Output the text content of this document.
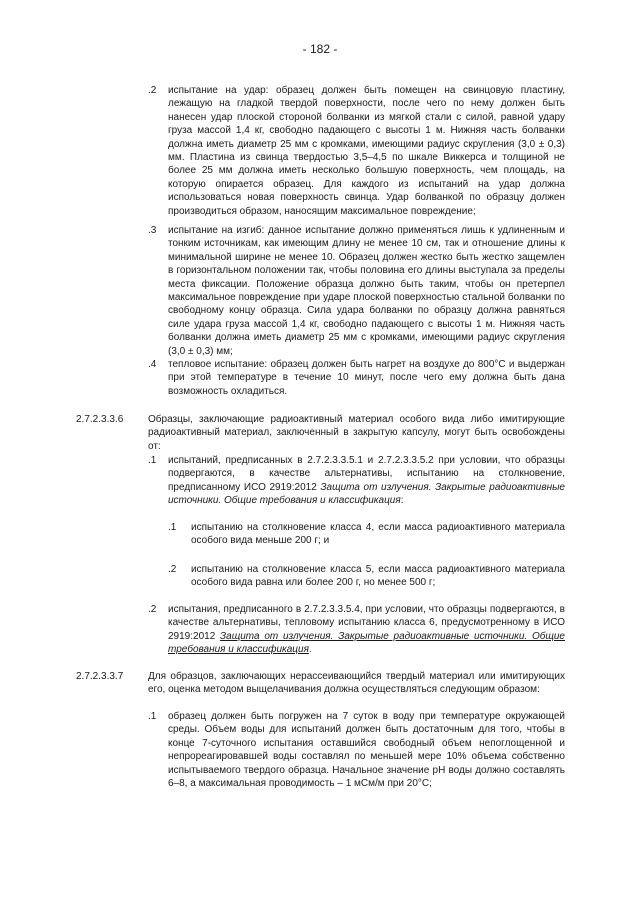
- 182 -
.2 испытание на удар: образец должен быть помещен на свинцовую пластину, лежащую на гладкой твердой поверхности, после чего по нему должен быть нанесен удар плоской стороной болванки из мягкой стали с силой, равной удару груза массой 1,4 кг, свободно падающего с высоты 1 м. Нижняя часть болванки должна иметь диаметр 25 мм с кромками, имеющими радиус скругления (3,0 ± 0,3) мм. Пластина из свинца твердостью 3,5–4,5 по шкале Виккерса и толщиной не более 25 мм должна иметь несколько большую поверхность, чем площадь, на которую опирается образец. Для каждого из испытаний на удар должна использоваться новая поверхность свинца. Удар болванкой по образцу должен производиться образом, наносящим максимальное повреждение;

.3 испытание на изгиб: данное испытание должно применяться лишь к удлиненным и тонким источникам, как имеющим длину не менее 10 см, так и отношение длины к минимальной ширине не менее 10. Образец должен жестко быть жестко защемлен в горизонтальном положении так, чтобы половина его длины выступала за пределы места фиксации. Положение образца должно быть таким, чтобы он претерпел максимальное повреждение при ударе плоской поверхностью стальной болванки по свободному концу образца. Сила удара болванки по образцу должна равняться силе удара груза массой 1,4 кг, свободно падающего с высоты 1 м. Нижняя часть болванки должна иметь диаметр 25 мм с кромками, имеющими радиус скругления (3,0 ± 0,3) мм;

.4 тепловое испытание: образец должен быть нагрет на воздухе до 800°C и выдержан при этой температуре в течение 10 минут, после чего ему должна быть дана возможность охладиться.

2.7.2.3.3.6 Образцы, заключающие радиоактивный материал особого вида либо имитирующие радиоактивный материал, заключенный в закрытую капсулу, могут быть освобождены от:

.1 испытаний, предписанных в 2.7.2.3.3.5.1 и 2.7.2.3.3.5.2 при условии, что образцы подвергаются, в качестве альтернативы, испытанию на столкновение, предписанному ИСО 2919:2012 Защита от излучения. Закрытые радиоактивные источники. Общие требования и классификация:

.1 испытанию на столкновение класса 4, если масса радиоактивного материала особого вида меньше 200 г; и

.2 испытанию на столкновение класса 5, если масса радиоактивного материала особого вида равна или более 200 г, но менее 500 г;

.2 испытания, предписанного в 2.7.2.3.3.5.4, при условии, что образцы подвергаются, в качестве альтернативы, тепловому испытанию класса 6, предусмотренному в ИСО 2919:2012 Защита от излучения. Закрытые радиоактивные источники. Общие требования и классификация.

2.7.2.3.3.7 Для образцов, заключающих нерассеивающийся твердый материал или имитирующих его, оценка методом выщелачивания должна осуществляться следующим образом:

.1 образец должен быть погружен на 7 суток в воду при температуре окружающей среды. Объем воды для испытаний должен быть достаточным для того, чтобы в конце 7-суточного испытания оставшийся свободный объем непоглощенной и непрореагировавшей воды составлял по меньшей мере 10% объема собственно испытываемого твердого образца. Начальное значение pH воды должно составлять 6–8, а максимальная проводимость – 1 мСм/м при 20°C;
